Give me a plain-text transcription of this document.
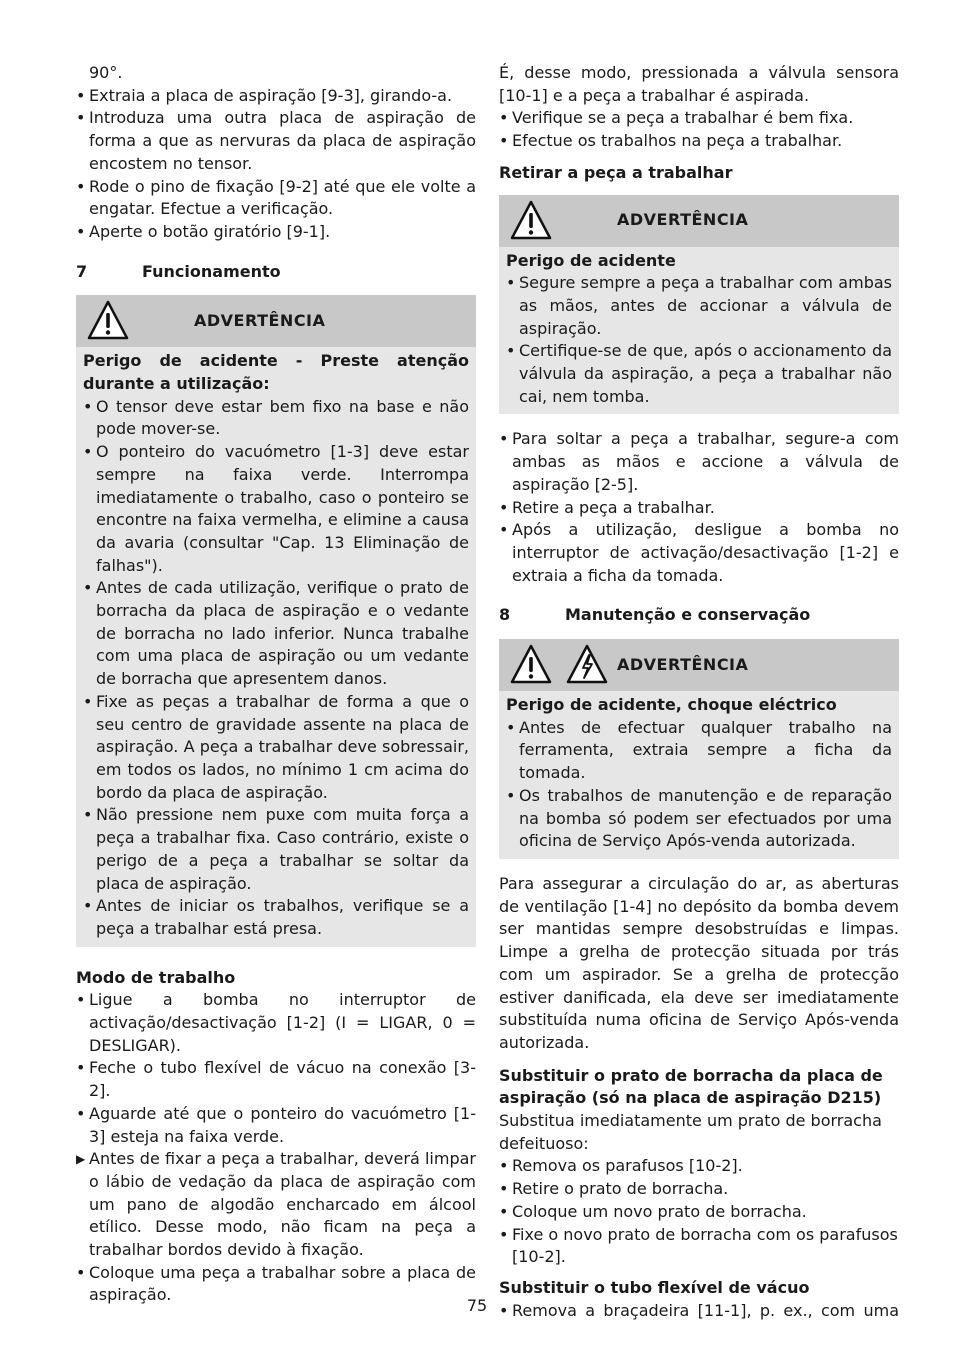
90°.

• Extraia a placa de aspiração [9-3], girando-a.
• Introduza uma outra placa de aspiração de forma a que as nervuras da placa de aspiração encostem no tensor.
• Rode o pino de fixação [9-2] até que ele volte a engatar. Efectue a verificação.
• Aperte o botão giratório [9-1].
7	Funcionamento
ADVERTÊNCIA

Perigo de acidente - Preste atenção durante a utilização:

• O tensor deve estar bem fixo na base e não pode mover-se.
• O ponteiro do vacuómetro [1-3] deve estar sempre na faixa verde. Interrompa imediatamente o trabalho, caso o ponteiro se encontre na faixa vermelha, e elimine a causa da avaria (consultar "Cap. 13 Eliminação de falhas").
• Antes de cada utilização, verifique o prato de borracha da placa de aspiração e o vedante de borracha no lado inferior. Nunca trabalhe com uma placa de aspiração ou um vedante de borracha que apresentem danos.
• Fixe as peças a trabalhar de forma a que o seu centro de gravidade assente na placa de aspiração. A peça a trabalhar deve sobressair, em todos os lados, no mínimo 1 cm acima do bordo da placa de aspiração.
• Não pressione nem puxe com muita força a peça a trabalhar fixa. Caso contrário, existe o perigo de a peça a trabalhar se soltar da placa de aspiração.
• Antes de iniciar os trabalhos, verifique se a peça a trabalhar está presa.

Modo de trabalho

• Ligue a bomba no interruptor de activação/desactivação [1-2] (I = LIGAR, 0 = DESLIGAR).
• Feche o tubo flexível de vácuo na conexão [3-2].
• Aguarde até que o ponteiro do vacuómetro [1-3] esteja na faixa verde.
▶ Antes de fixar a peça a trabalhar, deverá limpar o lábio de vedação da placa de aspiração com um pano de algodão encharcado em álcool etílico. Desse modo, não ficam na peça a trabalhar bordos devido à fixação.
• Coloque uma peça a trabalhar sobre a placa de aspiração.

É, desse modo, pressionada a válvula sensora [10-1] e a peça a trabalhar é aspirada.

• Verifique se a peça a trabalhar é bem fixa.
• Efectue os trabalhos na peça a trabalhar.

Retirar a peça a trabalhar

ADVERTÊNCIA

Perigo de acidente

• Segure sempre a peça a trabalhar com ambas as mãos, antes de accionar a válvula de aspiração.
• Certifique-se de que, após o accionamento da válvula da aspiração, a peça a trabalhar não cai, nem tomba.
• Para soltar a peça a trabalhar, segure-a com ambas as mãos e accione a válvula de aspiração [2-5].
• Retire a peça a trabalhar.
• Após a utilização, desligue a bomba no interruptor de activação/desactivação [1-2] e extraia a ficha da tomada.
8	Manutenção e conservação
ADVERTÊNCIA

Perigo de acidente, choque eléctrico

• Antes de efectuar qualquer trabalho na ferramenta, extraia sempre a ficha da tomada.
• Os trabalhos de manutenção e de reparação na bomba só podem ser efectuados por uma oficina de Serviço Após-venda autorizada.

Para assegurar a circulação do ar, as aberturas de ventilação [1-4] no depósito da bomba devem ser mantidas sempre desobstruídas e limpas. Limpe a grelha de protecção situada por trás com um aspirador. Se a grelha de protecção estiver danificada, ela deve ser imediatamente substituída numa oficina de Serviço Após-venda autorizada.

Substituir o prato de borracha da placa de aspiração (só na placa de aspiração D215)

Substitua imediatamente um prato de borracha defeituoso:

• Remova os parafusos [10-2].
• Retire o prato de borracha.
• Coloque um novo prato de borracha.
• Fixe o novo prato de borracha com os parafusos [10-2].

Substituir o tubo flexível de vácuo

• Remova a braçadeira [11-1], p. ex., com uma
75
